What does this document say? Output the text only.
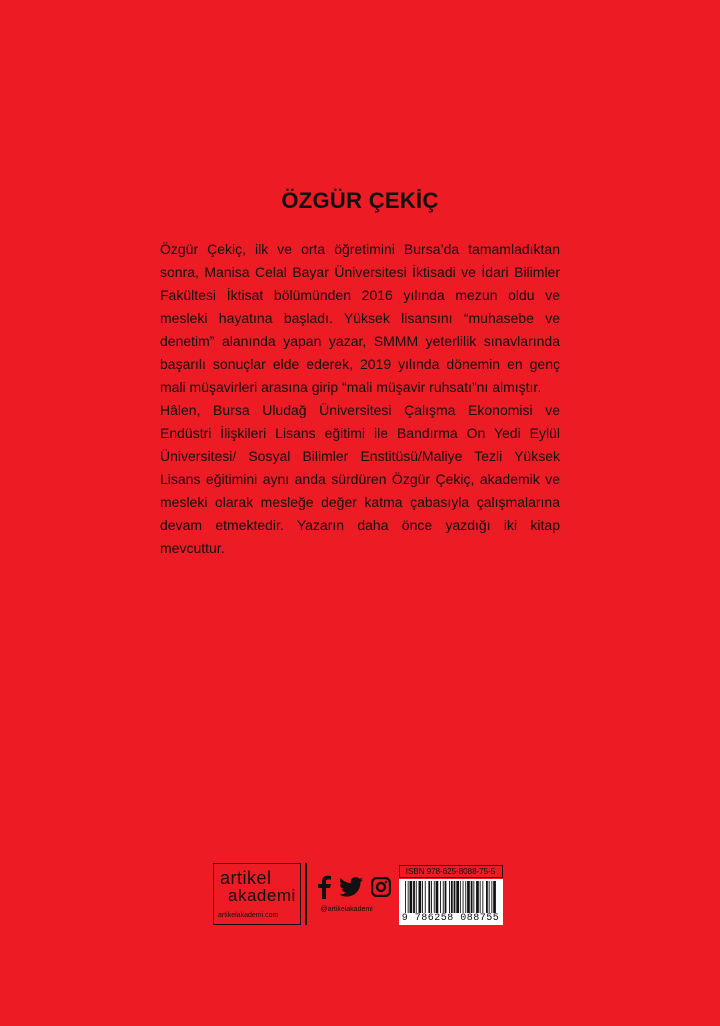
ÖZGÜR ÇEKİÇ

Özgür Çekiç, ilk ve orta öğretimini Bursa’da tamamladıktan sonra, Manisa Celal Bayar Üniversitesi İktisadi ve İdari Bilimler Fakültesi İktisat bölümünden 2016 yılında mezun oldu ve mesleki hayatına başladı. Yüksek lisansını “muhasebe ve denetim” alanında yapan yazar, SMMM yeterlilik sınavlarında başarılı sonuçlar elde ederek, 2019 yılında dönemin en genç mali müşavirleri arasına girip “mali müşavir ruhsatı”nı almıştır.

Hâlen, Bursa Uludağ Üniversitesi Çalışma Ekonomisi ve Endüstri İlişkileri Lisans eğitimi ile Bandırma On Yedi Eylül Üniversitesi/ Sosyal Bilimler Enstitüsü/Maliye Tezli Yüksek Lisans eğitimini aynı anda sürdüren Özgür Çekiç, akademik ve mesleki olarak mesleğe değer katma çabasıyla çalışmalarına devam etmektedir. Yazarın daha önce yazdığı iki kitap mevcuttur.

artikel
akademi
artikelakademi.com
@artikelakademi
ISBN 978-625-8088-75-5
9 786258 088755
